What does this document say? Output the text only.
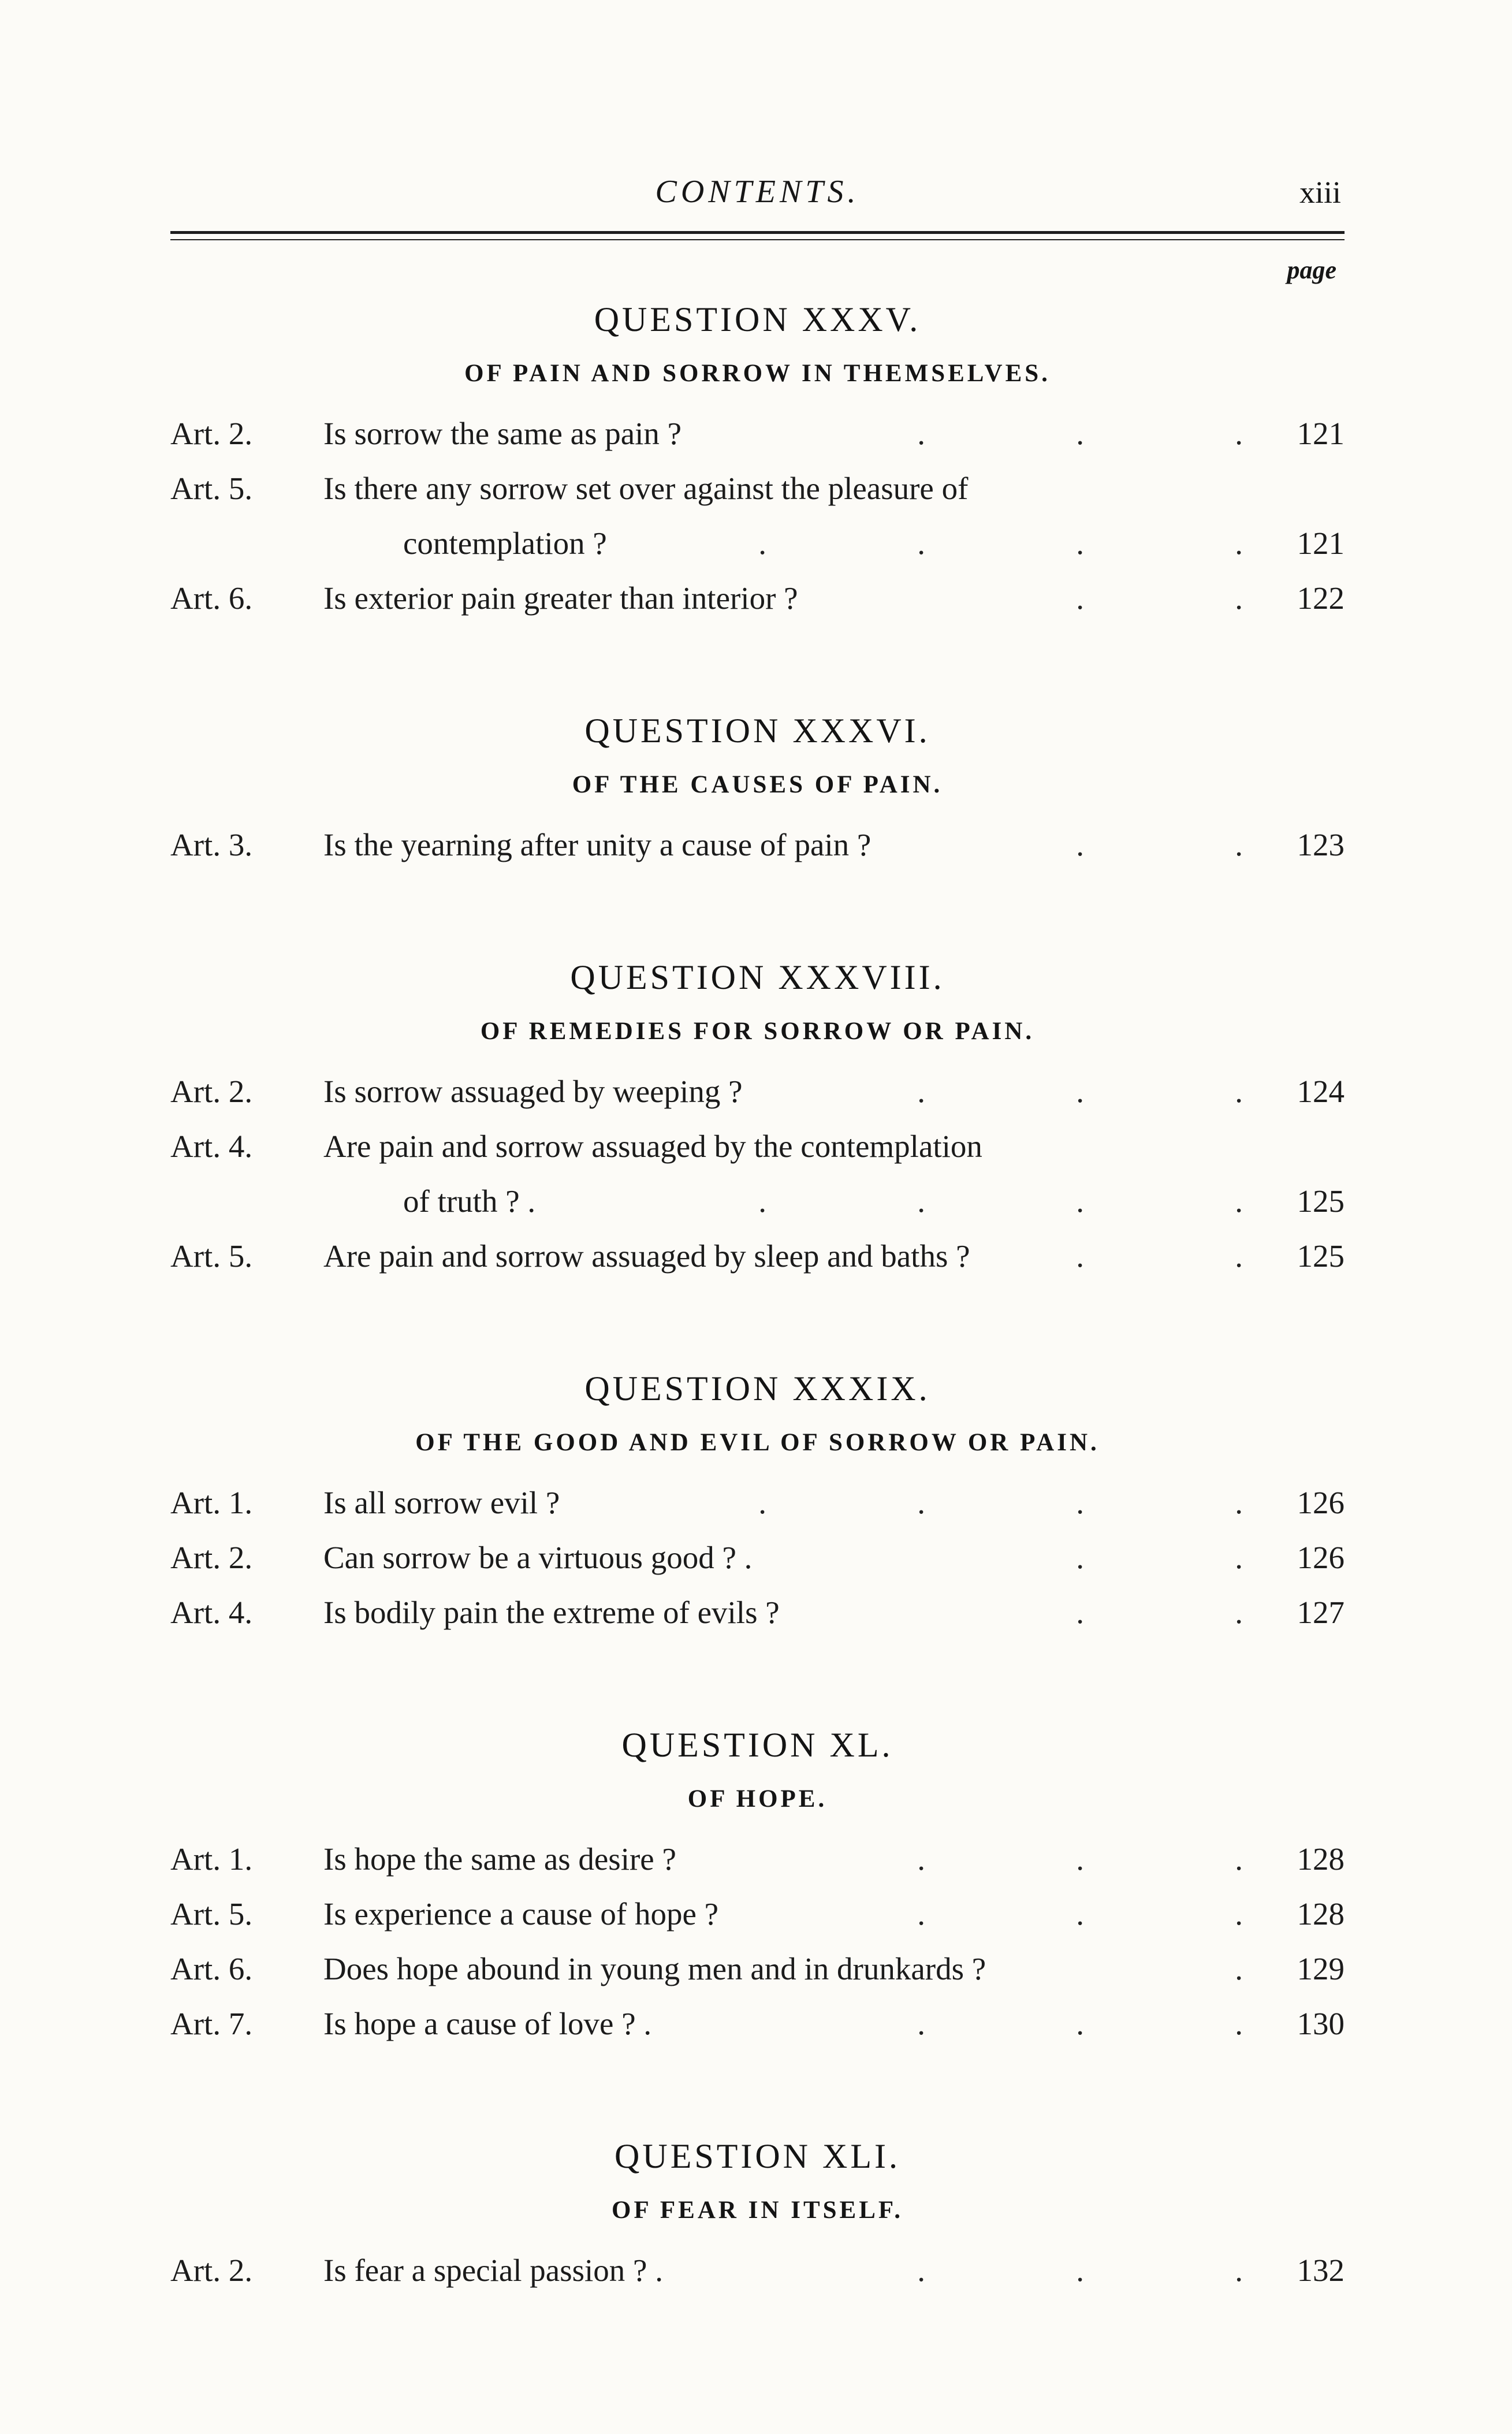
CONTENTS.	xiii
page
QUESTION XXXV.
OF PAIN AND SORROW IN THEMSELVES.
Art. 2.	Is sorrow the same as pain ?	. . .	121
Art. 5.	Is there any sorrow set over against the pleasure of
contemplation ?	. . . .	121
Art. 6.	Is exterior pain greater than interior ?	. .	122
QUESTION XXXVI.
OF THE CAUSES OF PAIN.
Art. 3.	Is the yearning after unity a cause of pain ?	. .	123
QUESTION XXXVIII.
OF REMEDIES FOR SORROW OR PAIN.
Art. 2.	Is sorrow assuaged by weeping ?	. . .	124
Art. 4.	Are pain and sorrow assuaged by the contemplation
of truth ? .	. . . .	125
Art. 5.	Are pain and sorrow assuaged by sleep and baths ?	. .	125
QUESTION XXXIX.
OF THE GOOD AND EVIL OF SORROW OR PAIN.
Art. 1.	Is all sorrow evil ?	. . . .	126
Art. 2.	Can sorrow be a virtuous good ? .	. .	126
Art. 4.	Is bodily pain the extreme of evils ?	. .	127
QUESTION XL.
OF HOPE.
Art. 1.	Is hope the same as desire ?	. . .	128
Art. 5.	Is experience a cause of hope ?	. . .	128
Art. 6.	Does hope abound in young men and in drunkards ?	.	129
Art. 7.	Is hope a cause of love ? .	. . .	130
QUESTION XLI.
OF FEAR IN ITSELF.
Art. 2.	Is fear a special passion ? .	. . .	132
